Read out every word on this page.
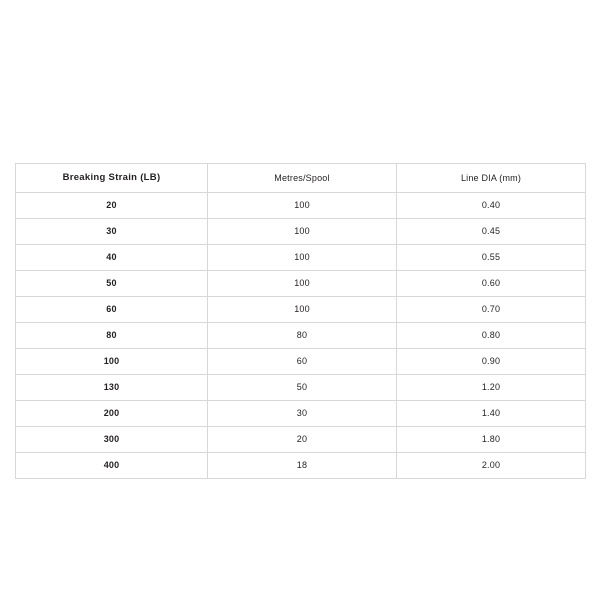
Breaking Strain (LB)	Metres/Spool	Line DIA (mm)
20	100	0.40
30	100	0.45
40	100	0.55
50	100	0.60
60	100	0.70
80	80	0.80
100	60	0.90
130	50	1.20
200	30	1.40
300	20	1.80
400	18	2.00
